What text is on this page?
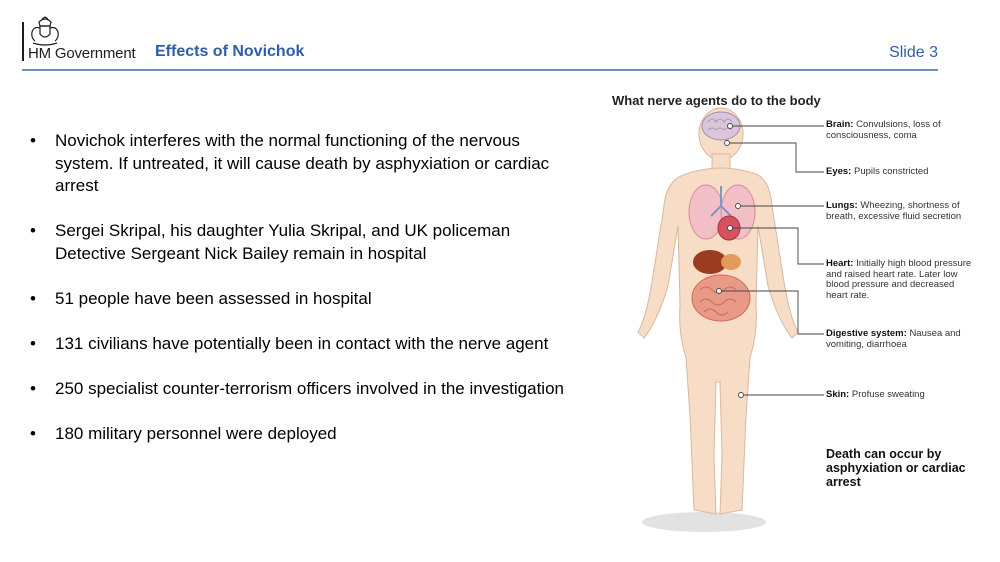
HM Government Effects of Novichok	Slide 3
• Novichok interferes with the normal functioning of the nervous system. If untreated, it will cause death by asphyxiation or cardiac arrest
• Sergei Skripal, his daughter Yulia Skripal, and UK policeman Detective Sergeant Nick Bailey remain in hospital
• 51 people have been assessed in hospital
• 131 civilians have potentially been in contact with the nerve agent
• 250 specialist counter-terrorism officers involved in the investigation
• 180 military personnel were deployed
What nerve agents do to the body
Brain: Convulsions, loss of consciousness, coma
Eyes: Pupils constricted
Lungs: Wheezing, shortness of breath, excessive fluid secretion
Heart: Initially high blood pressure and raised heart rate. Later low blood pressure and decreased heart rate.
Digestive system: Nausea and vomiting, diarrhoea
Skin: Profuse sweating
Death can occur by asphyxiation or cardiac arrest
